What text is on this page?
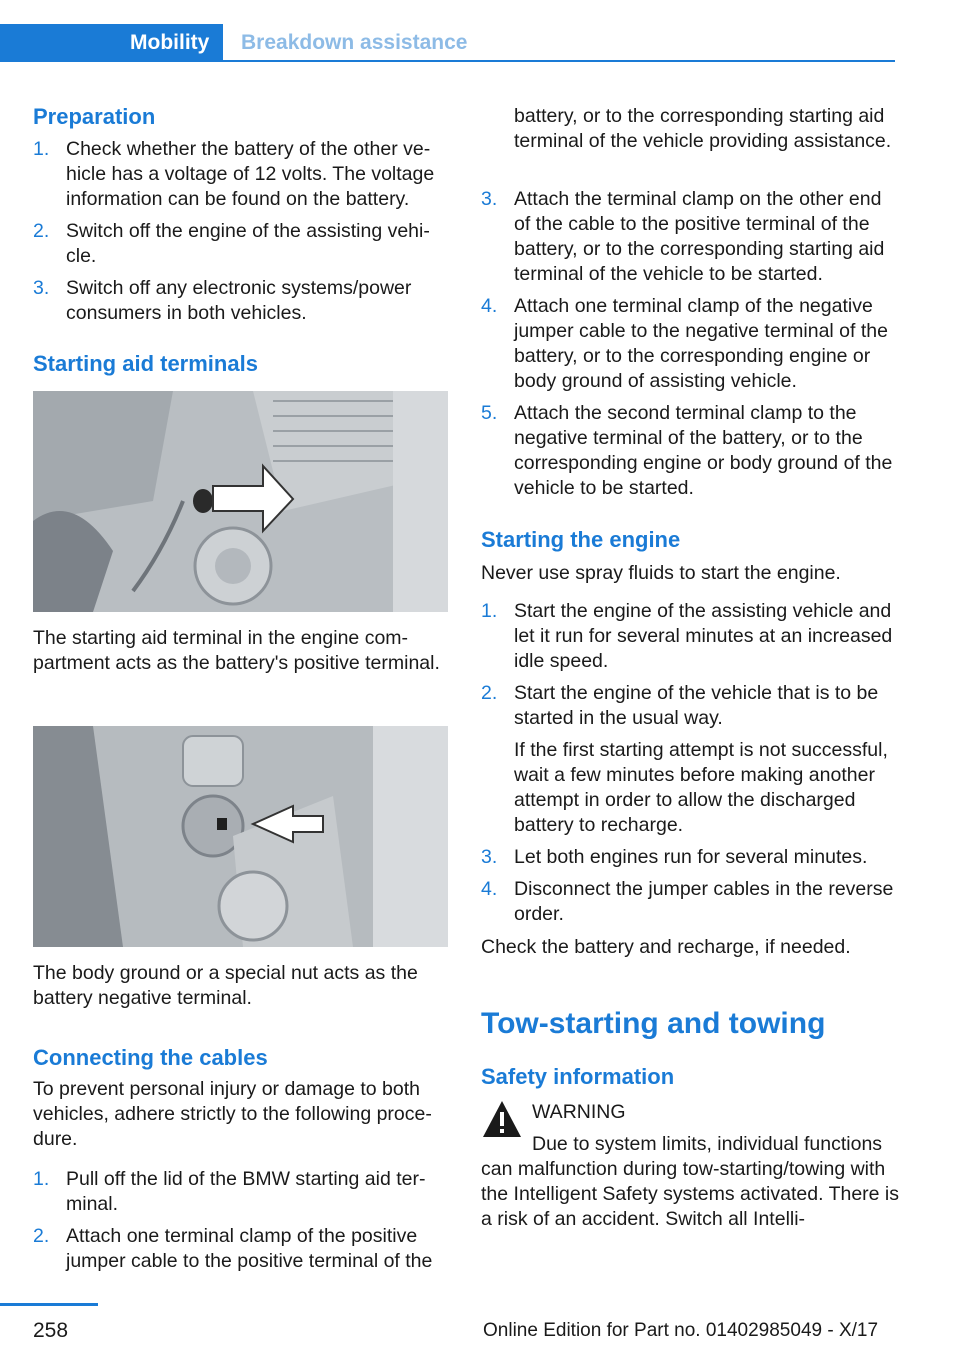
Mobility	Breakdown assistance
Preparation
1. Check whether the battery of the other vehicle has a voltage of 12 volts. The voltage information can be found on the battery.
2. Switch off the engine of the assisting vehicle.
3. Switch off any electronic systems/power consumers in both vehicles.
Starting aid terminals
The starting aid terminal in the engine compartment acts as the battery's positive terminal.
The body ground or a special nut acts as the battery negative terminal.
Connecting the cables
To prevent personal injury or damage to both vehicles, adhere strictly to the following procedure.
1. Pull off the lid of the BMW starting aid terminal.
2. Attach one terminal clamp of the positive jumper cable to the positive terminal of the
battery, or to the corresponding starting aid terminal of the vehicle providing assistance.
3. Attach the terminal clamp on the other end of the cable to the positive terminal of the battery, or to the corresponding starting aid terminal of the vehicle to be started.
4. Attach one terminal clamp of the negative jumper cable to the negative terminal of the battery, or to the corresponding engine or body ground of assisting vehicle.
5. Attach the second terminal clamp to the negative terminal of the battery, or to the corresponding engine or body ground of the vehicle to be started.
Starting the engine
Never use spray fluids to start the engine.
1. Start the engine of the assisting vehicle and let it run for several minutes at an increased idle speed.
2. Start the engine of the vehicle that is to be started in the usual way.
If the first starting attempt is not successful, wait a few minutes before making another attempt in order to allow the discharged battery to recharge.
3. Let both engines run for several minutes.
4. Disconnect the jumper cables in the reverse order.
Check the battery and recharge, if needed.
Tow-starting and towing
Safety information
WARNING
Due to system limits, individual functions
can malfunction during tow-starting/towing with the Intelligent Safety systems activated. There is a risk of an accident. Switch all Intelli-
258	Online Edition for Part no. 01402985049 - X/17
